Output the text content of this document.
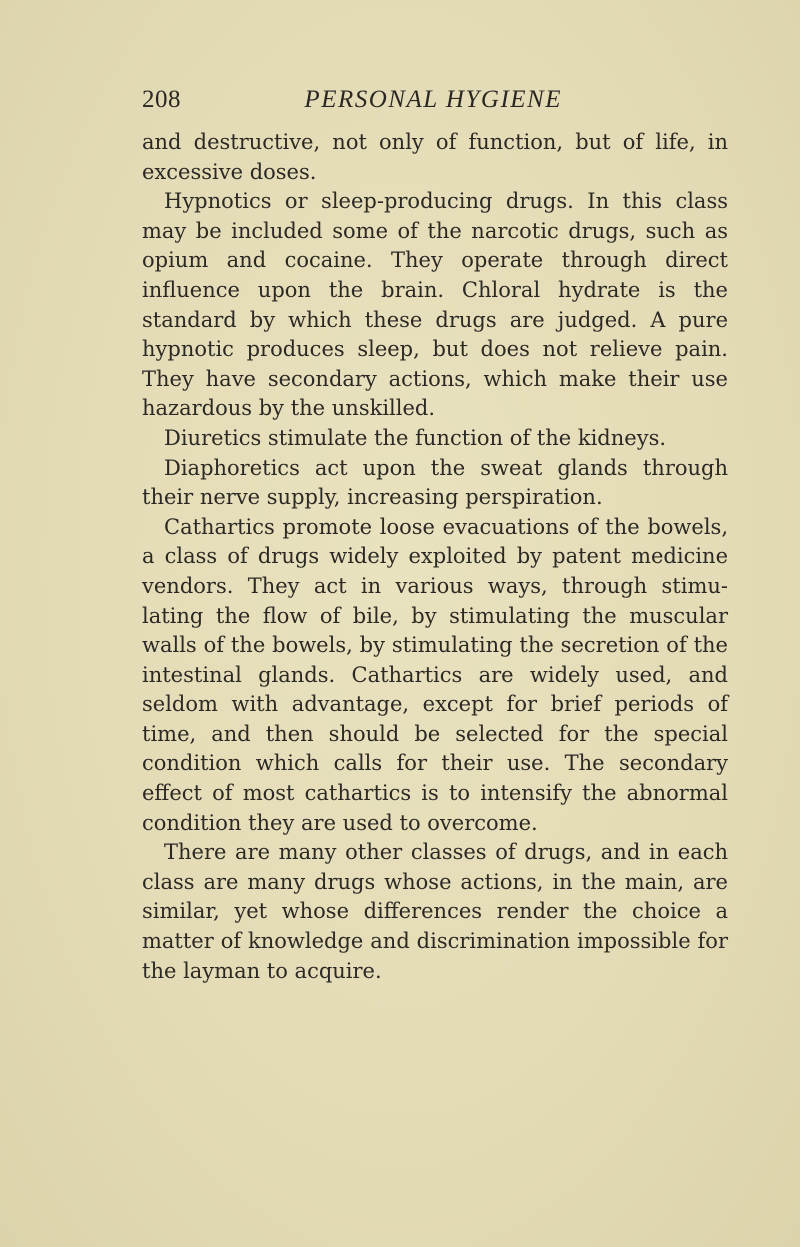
208	PERSONAL HYGIENE

and destructive, not only of function, but of life, in excessive doses.

Hypnotics or sleep-producing drugs. In this class may be included some of the narcotic drugs, such as opium and cocaine. They operate through direct influence upon the brain. Chloral hydrate is the standard by which these drugs are judged. A pure hypnotic produces sleep, but does not relieve pain. They have secondary actions, which make their use hazardous by the unskilled.

Diuretics stimulate the function of the kidneys.

Diaphoretics act upon the sweat glands through their nerve supply, increasing perspiration.

Cathartics promote loose evacuations of the bowels, a class of drugs widely exploited by patent medicine vendors. They act in various ways, through stimu-lating the flow of bile, by stimulating the muscular walls of the bowels, by stimulating the secretion of the intestinal glands. Cathartics are widely used, and seldom with advantage, except for brief periods of time, and then should be selected for the special condition which calls for their use. The secondary effect of most cathartics is to intensify the abnormal condition they are used to overcome.

There are many other classes of drugs, and in each class are many drugs whose actions, in the main, are similar, yet whose differences render the choice a matter of knowledge and discrimination impossible for the layman to acquire.
